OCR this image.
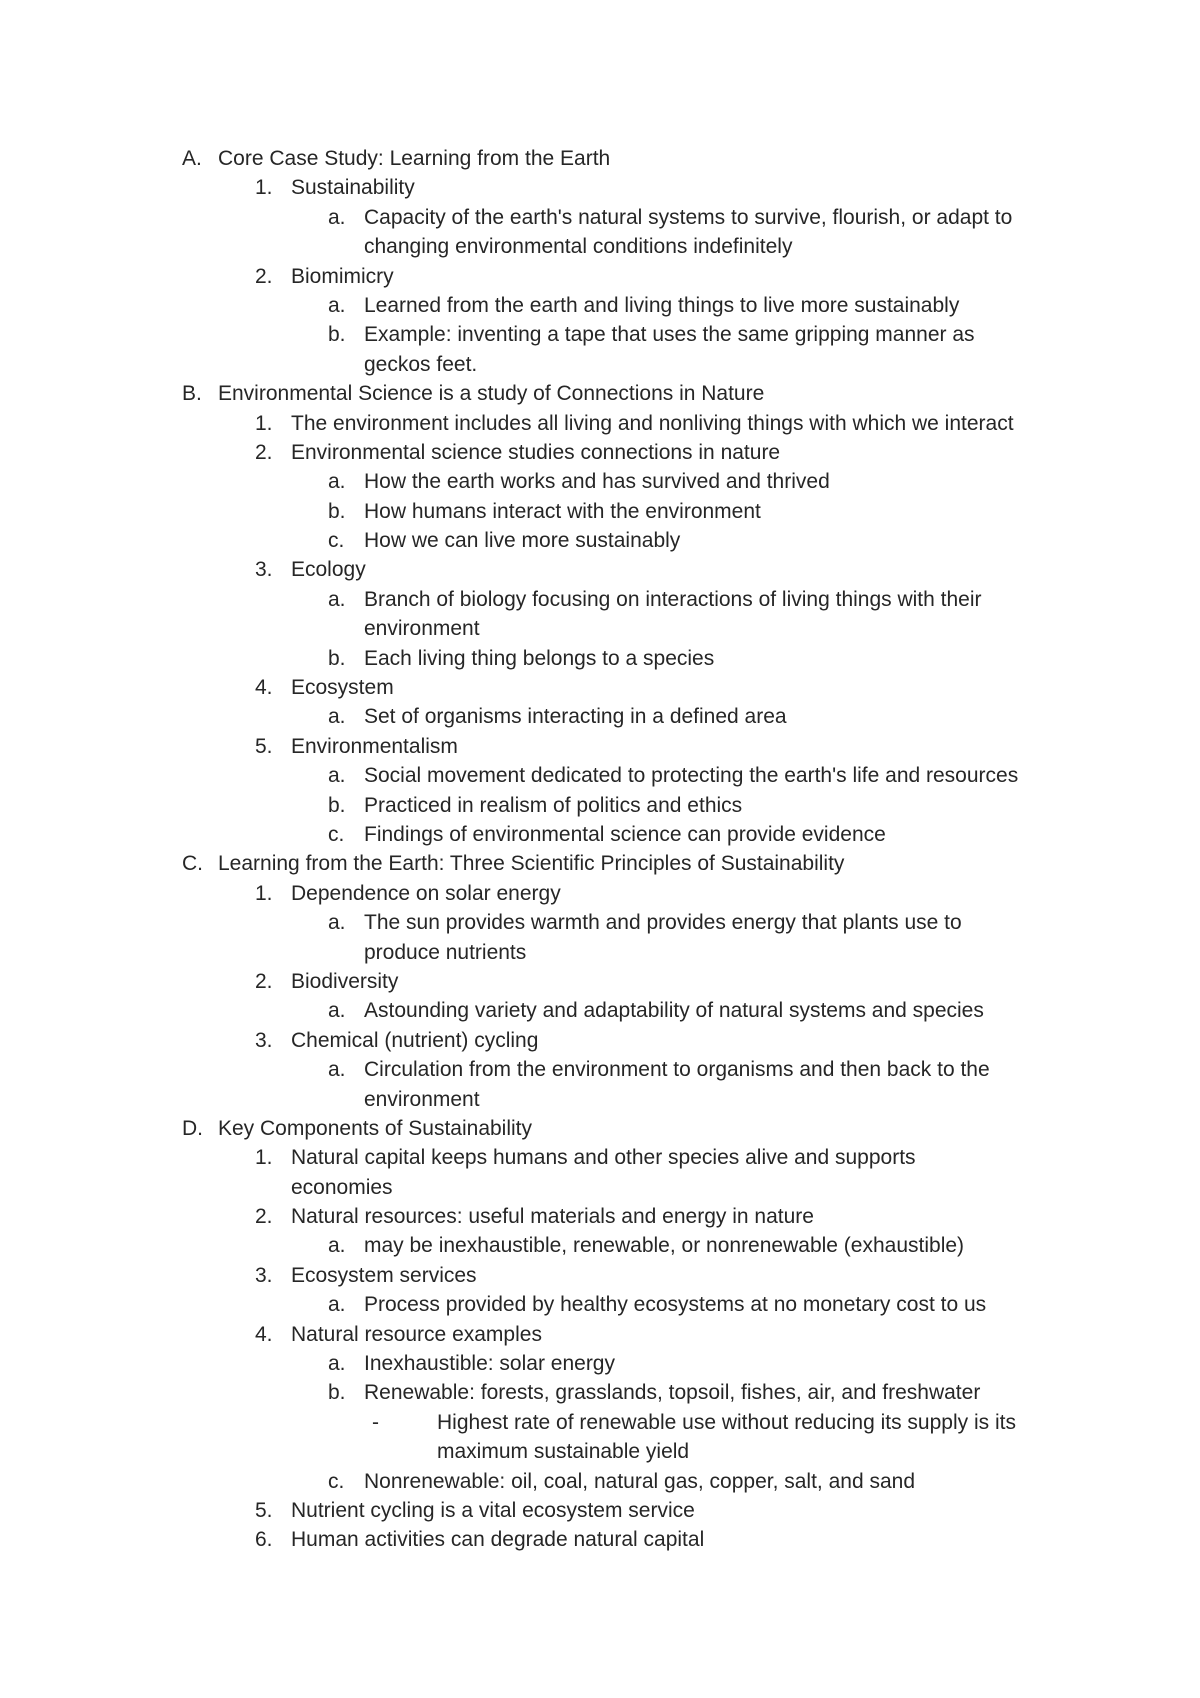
A. Core Case Study: Learning from the Earth
1. Sustainability
a. Capacity of the earth's natural systems to survive, flourish, or adapt to
changing environmental conditions indefinitely
2. Biomimicry
a. Learned from the earth and living things to live more sustainably
b. Example: inventing a tape that uses the same gripping manner as
geckos feet.
B. Environmental Science is a study of Connections in Nature
1. The environment includes all living and nonliving things with which we interact
2. Environmental science studies connections in nature
a. How the earth works and has survived and thrived
b. How humans interact with the environment
c. How we can live more sustainably
3. Ecology
a. Branch of biology focusing on interactions of living things with their
environment
b. Each living thing belongs to a species
4. Ecosystem
a. Set of organisms interacting in a defined area
5. Environmentalism
a. Social movement dedicated to protecting the earth's life and resources
b. Practiced in realism of politics and ethics
c. Findings of environmental science can provide evidence
C. Learning from the Earth: Three Scientific Principles of Sustainability
1. Dependence on solar energy
a. The sun provides warmth and provides energy that plants use to
produce nutrients
2. Biodiversity
a. Astounding variety and adaptability of natural systems and species
3. Chemical (nutrient) cycling
a. Circulation from the environment to organisms and then back to the
environment
D. Key Components of Sustainability
1. Natural capital keeps humans and other species alive and supports
economies
2. Natural resources: useful materials and energy in nature
a. may be inexhaustible, renewable, or nonrenewable (exhaustible)
3. Ecosystem services
a. Process provided by healthy ecosystems at no monetary cost to us
4. Natural resource examples
a. Inexhaustible: solar energy
b. Renewable: forests, grasslands, topsoil, fishes, air, and freshwater
-	Highest rate of renewable use without reducing its supply is its
maximum sustainable yield
c. Nonrenewable: oil, coal, natural gas, copper, salt, and sand
5. Nutrient cycling is a vital ecosystem service
6. Human activities can degrade natural capital
